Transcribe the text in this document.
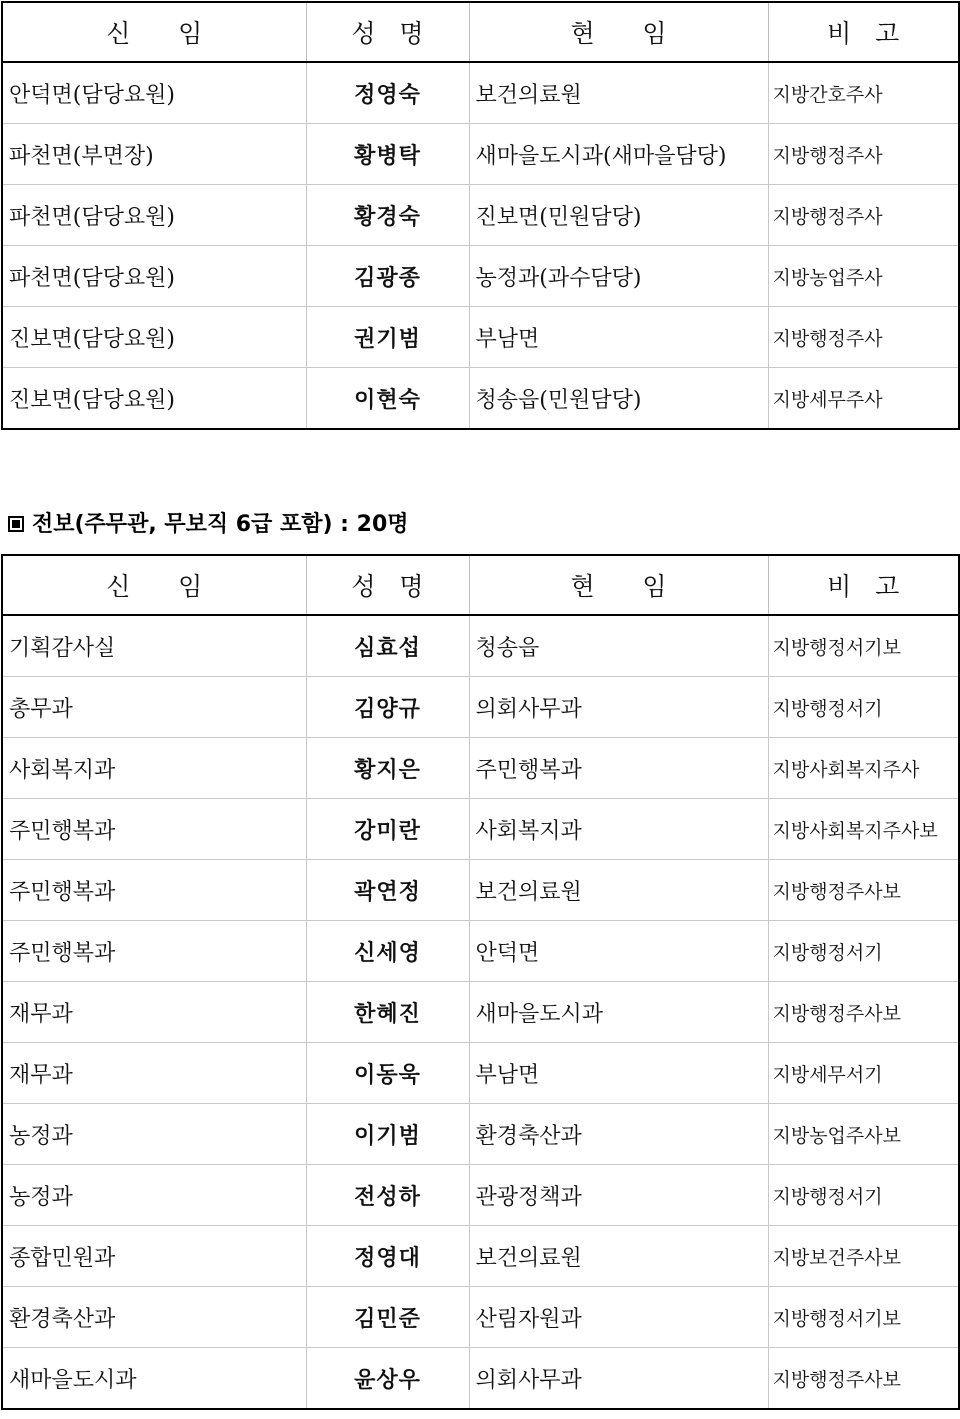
신      임	성   명	현      임	비   고
안덕면(담당요원)	정영숙	보건의료원	지방간호주사
파천면(부면장)	황병탁	새마을도시과(새마을담당)	지방행정주사
파천면(담당요원)	황경숙	진보면(민원담당)	지방행정주사
파천면(담당요원)	김광종	농정과(과수담당)	지방농업주사
진보면(담당요원)	권기범	부남면	지방행정주사
진보면(담당요원)	이현숙	청송읍(민원담당)	지방세무주사
전보(주무관, 무보직 6급 포함) : 20명
신      임	성   명	현      임	비   고
기획감사실	심효섭	청송읍	지방행정서기보
총무과	김양규	의회사무과	지방행정서기
사회복지과	황지은	주민행복과	지방사회복지주사
주민행복과	강미란	사회복지과	지방사회복지주사보
주민행복과	곽연정	보건의료원	지방행정주사보
주민행복과	신세영	안덕면	지방행정서기
재무과	한혜진	새마을도시과	지방행정주사보
재무과	이동욱	부남면	지방세무서기
농정과	이기범	환경축산과	지방농업주사보
농정과	전성하	관광정책과	지방행정서기
종합민원과	정영대	보건의료원	지방보건주사보
환경축산과	김민준	산림자원과	지방행정서기보
새마을도시과	윤상우	의회사무과	지방행정주사보
